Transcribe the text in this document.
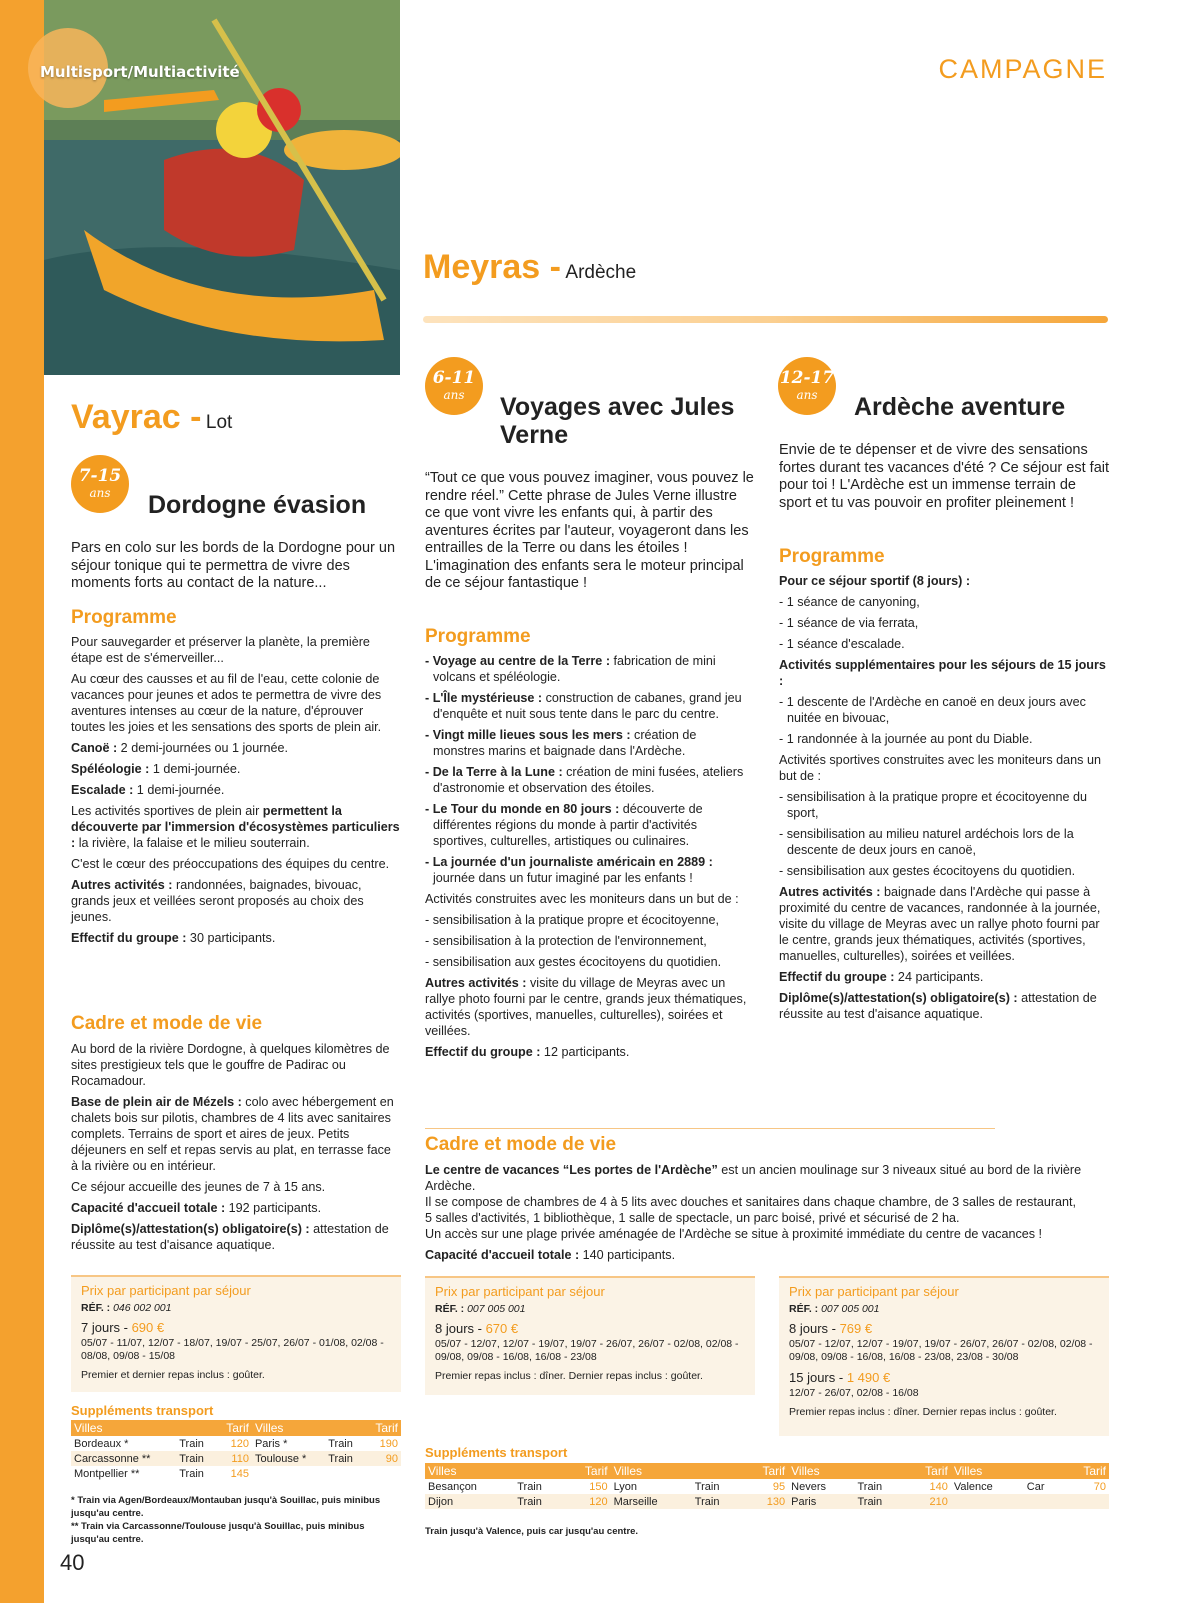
Multisport/Multiactivité	CAMPAGNE
Vayrac - Lot
7-15
ans	Dordogne évasion
Pars en colo sur les bords de la Dordogne pour un séjour tonique qui te permettra de vivre des moments forts au contact de la nature...
Programme

Pour sauvegarder et préserver la planète, la première étape est de s'émerveiller...

Au cœur des causses et au fil de l'eau, cette colonie de vacances pour jeunes et ados te permettra de vivre des aventures intenses au cœur de la nature, d'éprouver toutes les joies et les sensations des sports de plein air.

Canoë : 2 demi-journées ou 1 journée.

Spéléologie : 1 demi-journée.

Escalade : 1 demi-journée.

Les activités sportives de plein air permettent la découverte par l'immersion d'écosystèmes particuliers : la rivière, la falaise et le milieu souterrain.

C'est le cœur des préoccupations des équipes du centre.

Autres activités : randonnées, baignades, bivouac, grands jeux et veillées seront proposés au choix des jeunes.

Effectif du groupe : 30 participants.

Cadre et mode de vie

Au bord de la rivière Dordogne, à quelques kilomètres de sites prestigieux tels que le gouffre de Padirac ou Rocamadour.

Base de plein air de Mézels : colo avec hébergement en chalets bois sur pilotis, chambres de 4 lits avec sanitaires complets. Terrains de sport et aires de jeux. Petits déjeuners en self et repas servis au plat, en terrasse face à la rivière ou en intérieur.

Ce séjour accueille des jeunes de 7 à 15 ans.

Capacité d'accueil totale : 192 participants.

Diplôme(s)/attestation(s) obligatoire(s) : attestation de réussite au test d'aisance aquatique.

Prix par participant par séjour
RÉF. : 046 002 001
7 jours - 690 €
05/07 - 11/07, 12/07 - 18/07, 19/07 - 25/07, 26/07 - 01/08, 02/08 - 08/08, 09/08 - 15/08
Premier et dernier repas inclus : goûter.
Suppléments transport
Villes		Tarif	Villes		Tarif
Bordeaux *	Train	120	Paris *	Train	190
Carcassonne **	Train	110	Toulouse *	Train	90
Montpellier **	Train	145			
* Train via Agen/Bordeaux/Montauban jusqu'à Souillac, puis minibus jusqu'au centre.
** Train via Carcassonne/Toulouse jusqu'à Souillac, puis minibus jusqu'au centre.
Meyras - Ardèche
6-11
ans	Voyages avec Jules
Verne
“Tout ce que vous pouvez imaginer, vous pouvez le rendre réel.” Cette phrase de Jules Verne illustre ce que vont vivre les enfants qui, à partir des aventures écrites par l'auteur, voyageront dans les entrailles de la Terre ou dans les étoiles ! L'imagination des enfants sera le moteur principal de ce séjour fantastique !
Programme
- Voyage au centre de la Terre : fabrication de mini volcans et spéléologie.
- L'Île mystérieuse : construction de cabanes, grand jeu d'enquête et nuit sous tente dans le parc du centre.
- Vingt mille lieues sous les mers : création de monstres marins et baignade dans l'Ardèche.
- De la Terre à la Lune : création de mini fusées, ateliers d'astronomie et observation des étoiles.
- Le Tour du monde en 80 jours : découverte de différentes régions du monde à partir d'activités sportives, culturelles, artistiques ou culinaires.
- La journée d'un journaliste américain en 2889 : journée dans un futur imaginé par les enfants !

Activités construites avec les moniteurs dans un but de :

- sensibilisation à la pratique propre et écocitoyenne,

- sensibilisation à la protection de l'environnement,

- sensibilisation aux gestes écocitoyens du quotidien.

Autres activités : visite du village de Meyras avec un rallye photo fourni par le centre, grands jeux thématiques, activités (sportives, manuelles, culturelles), soirées et veillées.

Effectif du groupe : 12 participants.

12-17
ans	Ardèche aventure
Envie de te dépenser et de vivre des sensations fortes durant tes vacances d'été ? Ce séjour est fait pour toi ! L'Ardèche est un immense terrain de sport et tu vas pouvoir en profiter pleinement !
Programme

Pour ce séjour sportif (8 jours) :

- 1 séance de canyoning,

- 1 séance de via ferrata,

- 1 séance d'escalade.

Activités supplémentaires pour les séjours de 15 jours :

- 1 descente de l'Ardèche en canoë en deux jours avec nuitée en bivouac,
- 1 randonnée à la journée au pont du Diable.

Activités sportives construites avec les moniteurs dans un but de :

- sensibilisation à la pratique propre et écocitoyenne du sport,
- sensibilisation au milieu naturel ardéchois lors de la descente de deux jours en canoë,
- sensibilisation aux gestes écocitoyens du quotidien.

Autres activités : baignade dans l'Ardèche qui passe à proximité du centre de vacances, randonnée à la journée, visite du village de Meyras avec un rallye photo fourni par le centre, grands jeux thématiques, activités (sportives, manuelles, culturelles), soirées et veillées.

Effectif du groupe : 24 participants.

Diplôme(s)/attestation(s) obligatoire(s) : attestation de réussite au test d'aisance aquatique.

Cadre et mode de vie
Le centre de vacances “Les portes de l'Ardèche” est un ancien moulinage sur 3 niveaux situé au bord de la rivière Ardèche.
Il se compose de chambres de 4 à 5 lits avec douches et sanitaires dans chaque chambre, de 3 salles de restaurant, 5 salles d'activités, 1 bibliothèque, 1 salle de spectacle, un parc boisé, privé et sécurisé de 2 ha.
Un accès sur une plage privée aménagée de l'Ardèche se situe à proximité immédiate du centre de vacances !

Capacité d'accueil totale : 140 participants.

Prix par participant par séjour
RÉF. : 007 005 001
8 jours - 670 €
05/07 - 12/07, 12/07 - 19/07, 19/07 - 26/07, 26/07 - 02/08, 02/08 - 09/08, 09/08 - 16/08, 16/08 - 23/08
Premier repas inclus : dîner. Dernier repas inclus : goûter.
Prix par participant par séjour
RÉF. : 007 005 001
8 jours - 769 €
05/07 - 12/07, 12/07 - 19/07, 19/07 - 26/07, 26/07 - 02/08, 02/08 - 09/08, 09/08 - 16/08, 16/08 - 23/08, 23/08 - 30/08
15 jours - 1 490 €
12/07 - 26/07, 02/08 - 16/08
Premier repas inclus : dîner. Dernier repas inclus : goûter.
Suppléments transport
Villes		Tarif	Villes		Tarif	Villes		Tarif	Villes		Tarif
Besançon	Train	150	Lyon	Train	95	Nevers	Train	140	Valence	Car	70
Dijon	Train	120	Marseille	Train	130	Paris	Train	210			
Train jusqu'à Valence, puis car jusqu'au centre.
40
